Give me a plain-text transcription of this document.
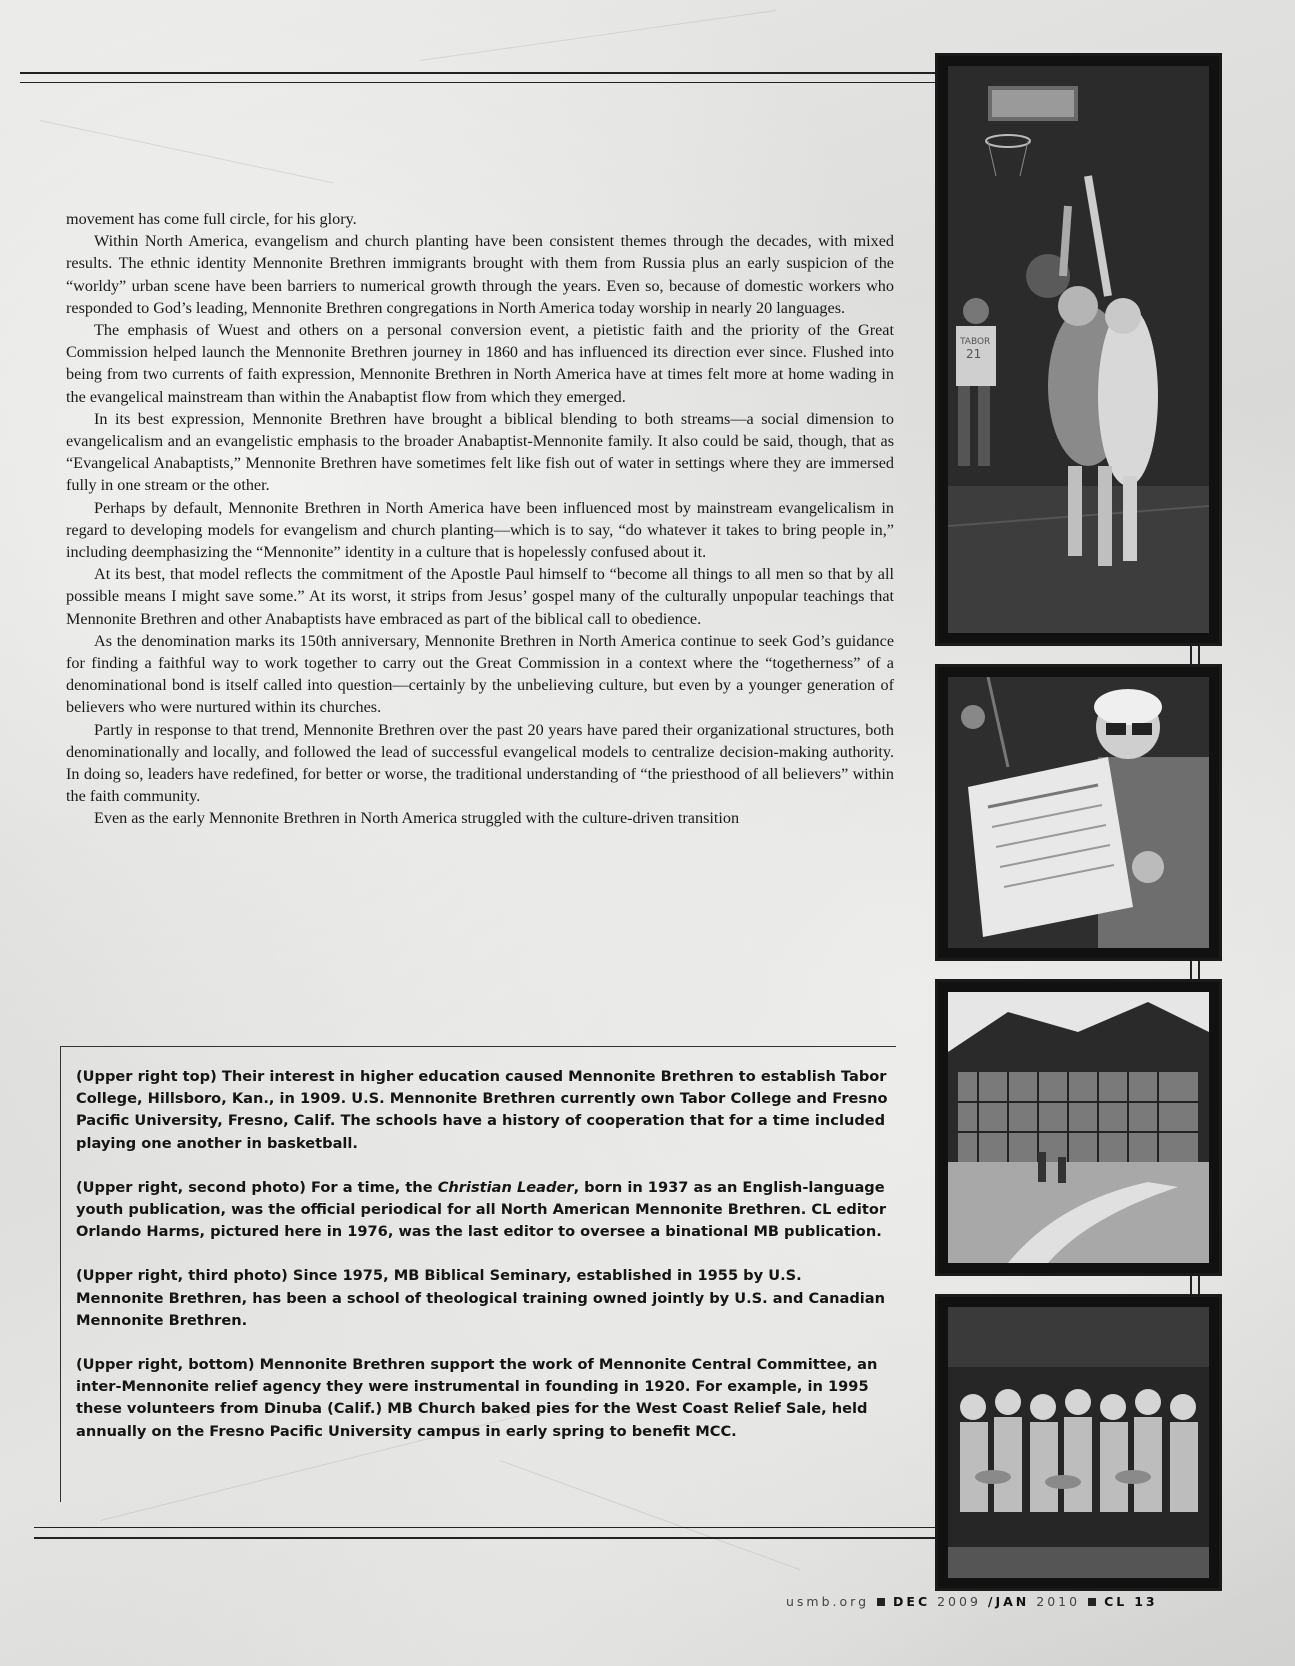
movement has come full circle, for his glory.

Within North America, evangelism and church planting have been consistent themes through the decades, with mixed results. The ethnic identity Mennonite Brethren immigrants brought with them from Russia plus an early suspicion of the “worldy” urban scene have been barriers to numerical growth through the years. Even so, because of domestic workers who responded to God’s leading, Mennonite Brethren congregations in North America today worship in nearly 20 languages.

The emphasis of Wuest and others on a personal conversion event, a pietistic faith and the priority of the Great Commission helped launch the Mennonite Brethren journey in 1860 and has influenced its direction ever since. Flushed into being from two currents of faith expression, Mennonite Brethren in North America have at times felt more at home wading in the evangelical mainstream than within the Anabaptist flow from which they emerged.

In its best expression, Mennonite Brethren have brought a biblical blending to both streams—a social dimension to evangelicalism and an evangelistic emphasis to the broader Anabaptist-Mennonite family. It also could be said, though, that as “Evangelical Anabaptists,” Mennonite Brethren have sometimes felt like fish out of water in settings where they are immersed fully in one stream or the other.

Perhaps by default, Mennonite Brethren in North America have been influenced most by mainstream evangelicalism in regard to developing models for evangelism and church planting—which is to say, “do whatever it takes to bring people in,” including deemphasizing the “Mennonite” identity in a culture that is hopelessly confused about it.

At its best, that model reflects the commitment of the Apostle Paul himself to “become all things to all men so that by all possible means I might save some.” At its worst, it strips from Jesus’ gospel many of the culturally unpopular teachings that Mennonite Brethren and other Anabaptists have embraced as part of the biblical call to obedience.

As the denomination marks its 150th anniversary, Mennonite Brethren in North America continue to seek God’s guidance for finding a faithful way to work together to carry out the Great Commission in a context where the “togetherness” of a denominational bond is itself called into question—certainly by the unbelieving culture, but even by a younger generation of believers who were nurtured within its churches.

Partly in response to that trend, Mennonite Brethren over the past 20 years have pared their organizational structures, both denominationally and locally, and followed the lead of successful evangelical models to centralize decision-making authority. In doing so, leaders have redefined, for better or worse, the traditional understanding of “the priesthood of all believers” within the faith community.

Even as the early Mennonite Brethren in North America struggled with the culture-driven transition

(Upper right top) Their interest in higher education caused Mennonite Brethren to establish Tabor College, Hillsboro, Kan., in 1909. U.S. Mennonite Brethren currently own Tabor College and Fresno Pacific University, Fresno, Calif. The schools have a history of cooperation that for a time included playing one another in basketball.

(Upper right, second photo) For a time, the Christian Leader, born in 1937 as an English-language youth publication, was the official periodical for all North American Mennonite Brethren. CL editor Orlando Harms, pictured here in 1976, was the last editor to oversee a binational MB publication.

(Upper right, third photo) Since 1975, MB Biblical Seminary, established in 1955 by U.S. Mennonite Brethren, has been a school of theological training owned jointly by U.S. and Canadian Mennonite Brethren.

(Upper right, bottom) Mennonite Brethren support the work of Mennonite Central Committee, an inter-Mennonite relief agency they were instrumental in founding in 1920. For example, in 1995 these volunteers from Dinuba (Calif.) MB Church baked pies for the West Coast Relief Sale, held annually on the Fresno Pacific University campus in early spring to benefit MCC.

TABOR
21
usmb.org DEC 2009 /JAN 2010 CL 13
